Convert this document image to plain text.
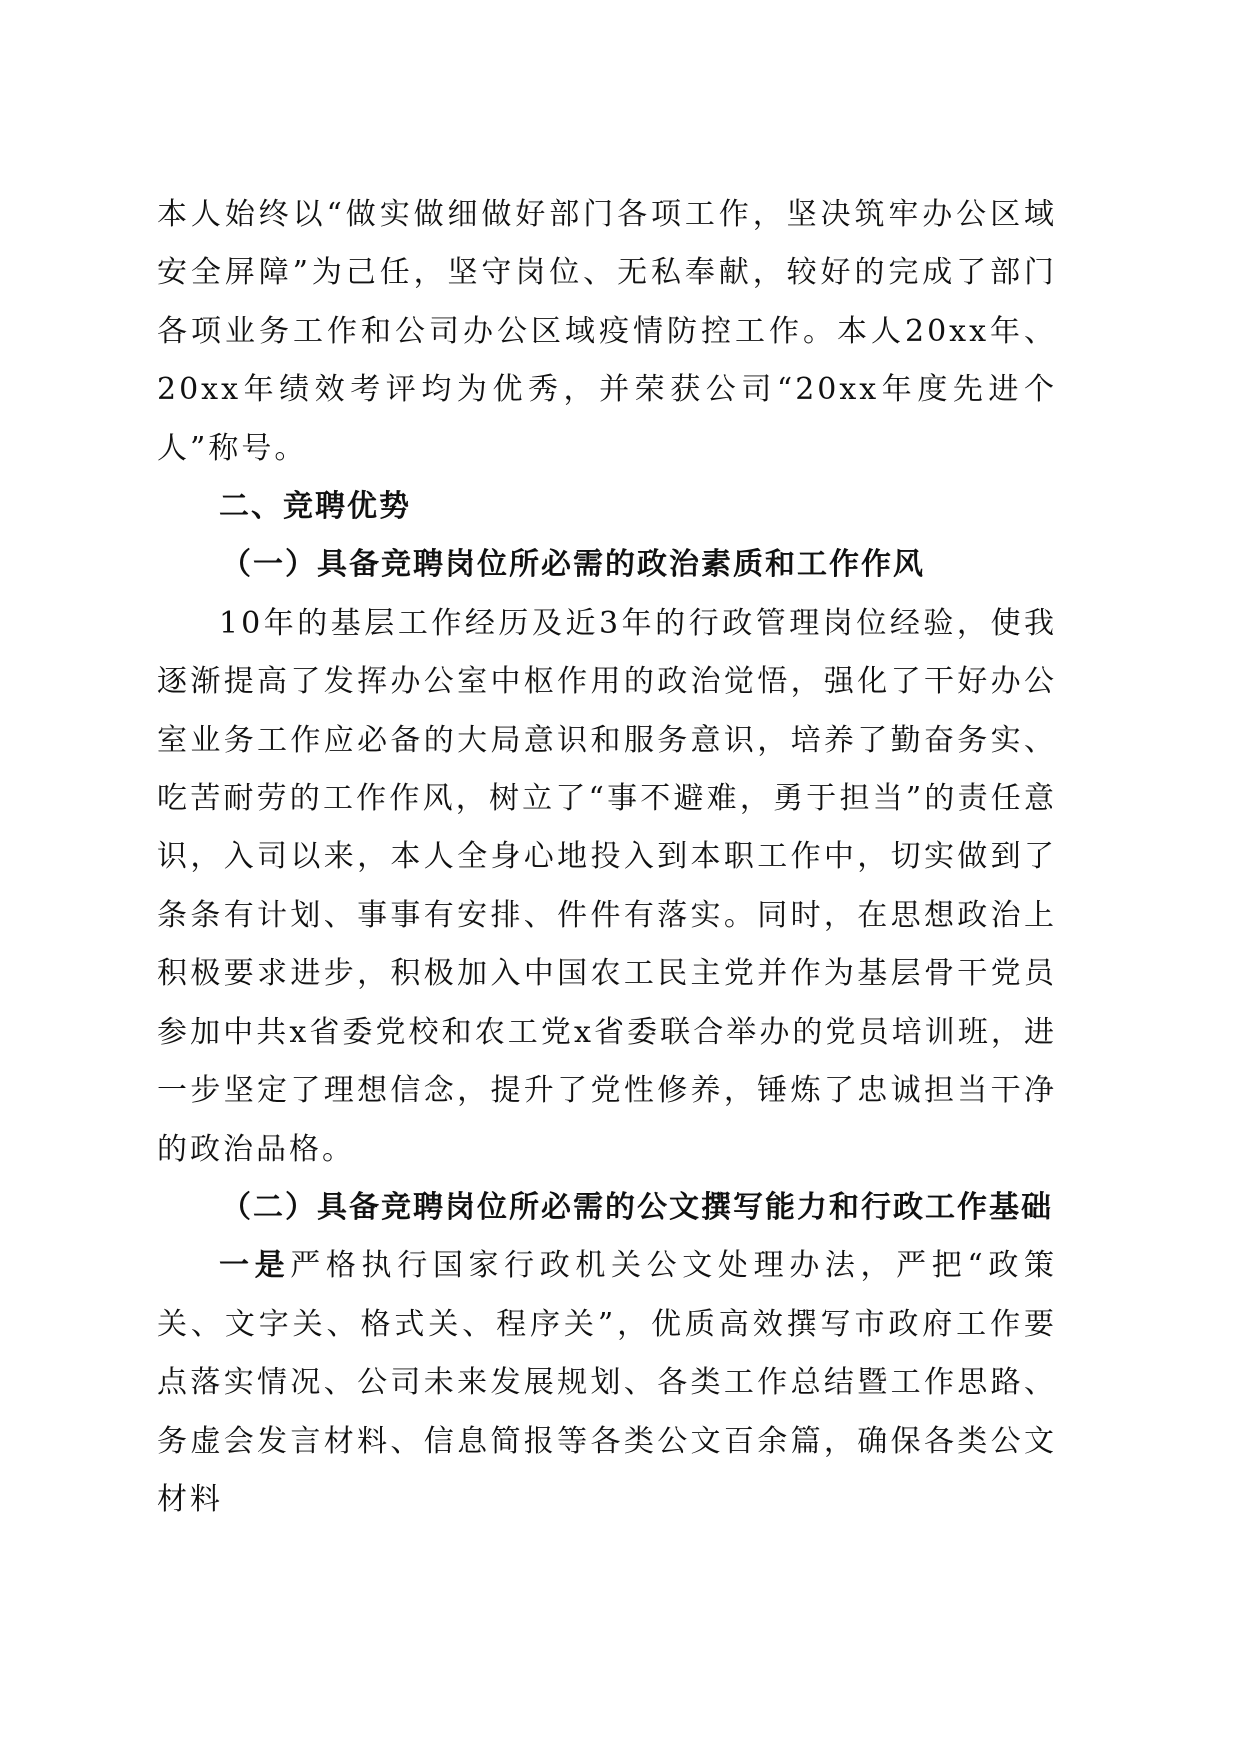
本人始终以“做实做细做好部门各项工作，坚决筑牢办公区域安全屏障”为己任，坚守岗位、无私奉献，较好的完成了部门各项业务工作和公司办公区域疫情防控工作。本人20xx年、20xx年绩效考评均为优秀，并荣获公司“20xx年度先进个人”称号。

二、竞聘优势

（一）具备竞聘岗位所必需的政治素质和工作作风

10年的基层工作经历及近3年的行政管理岗位经验，使我逐渐提高了发挥办公室中枢作用的政治觉悟，强化了干好办公室业务工作应必备的大局意识和服务意识，培养了勤奋务实、吃苦耐劳的工作作风，树立了“事不避难，勇于担当”的责任意识，入司以来，本人全身心地投入到本职工作中，切实做到了条条有计划、事事有安排、件件有落实。同时，在思想政治上积极要求进步，积极加入中国农工民主党并作为基层骨干党员参加中共x省委党校和农工党x省委联合举办的党员培训班，进一步坚定了理想信念，提升了党性修养，锤炼了忠诚担当干净的政治品格。

（二）具备竞聘岗位所必需的公文撰写能力和行政工作基础

一是严格执行国家行政机关公文处理办法，严把“政策关、文字关、格式关、程序关”，优质高效撰写市政府工作要点落实情况、公司未来发展规划、各类工作总结暨工作思路、务虚会发言材料、信息简报等各类公文百余篇，确保各类公文材料
